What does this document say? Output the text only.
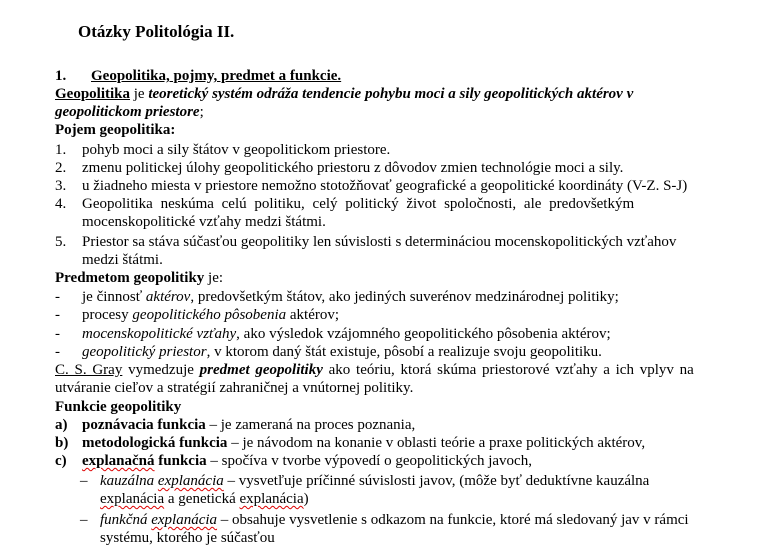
Otázky Politológia II.
1. Geopolitika, pojmy, predmet a funkcie.
Geopolitika je teoretický systém odráža tendencie pohybu moci a sily geopolitických aktérov v
geopolitickom priestore;
Pojem geopolitika:
1. pohyb moci a sily štátov v geopolitickom priestore.
2. zmenu politickej úlohy geopolitického priestoru z dôvodov zmien technológie moci a sily.
3. u žiadneho miesta v priestore nemožno stotožňovať geografické a geopolitické koordináty (V-Z. S-J)
4. Geopolitika neskúma celú politiku, celý politický život spoločnosti, ale predovšetkým
mocenskopolitické vzťahy medzi štátmi.
5. Priestor sa stáva súčasťou geopolitiky len súvislosti s determináciou mocenskopolitických vzťahov
medzi štátmi.
Predmetom geopolitiky je:
- je činnosť aktérov, predovšetkým štátov, ako jediných suverénov medzinárodnej politiky;
- procesy geopolitického pôsobenia aktérov;
- mocenskopolitické vzťahy, ako výsledok vzájomného geopolitického pôsobenia aktérov;
- geopolitický priestor, v ktorom daný štát existuje, pôsobí a realizuje svoju geopolitiku.
C. S. Gray vymedzuje predmet geopolitiky ako teóriu, ktorá skúma priestorové vzťahy a ich vplyv na
utváranie cieľov a stratégií zahraničnej a vnútornej politiky.
Funkcie geopolitiky
a) poznávacia funkcia – je zameraná na proces poznania,
b) metodologická funkcia – je návodom na konanie v oblasti teórie a praxe politických aktérov,
c) explanačná funkcia – spočíva v tvorbe výpovedí o geopolitických javoch,
– kauzálna explanácia – vysvetľuje príčinné súvislosti javov, (môže byť deduktívne kauzálna
explanácia a genetická explanácia)
– funkčná explanácia – obsahuje vysvetlenie s odkazom na funkcie, ktoré má sledovaný jav v rámci
systému, ktorého je súčasťou
